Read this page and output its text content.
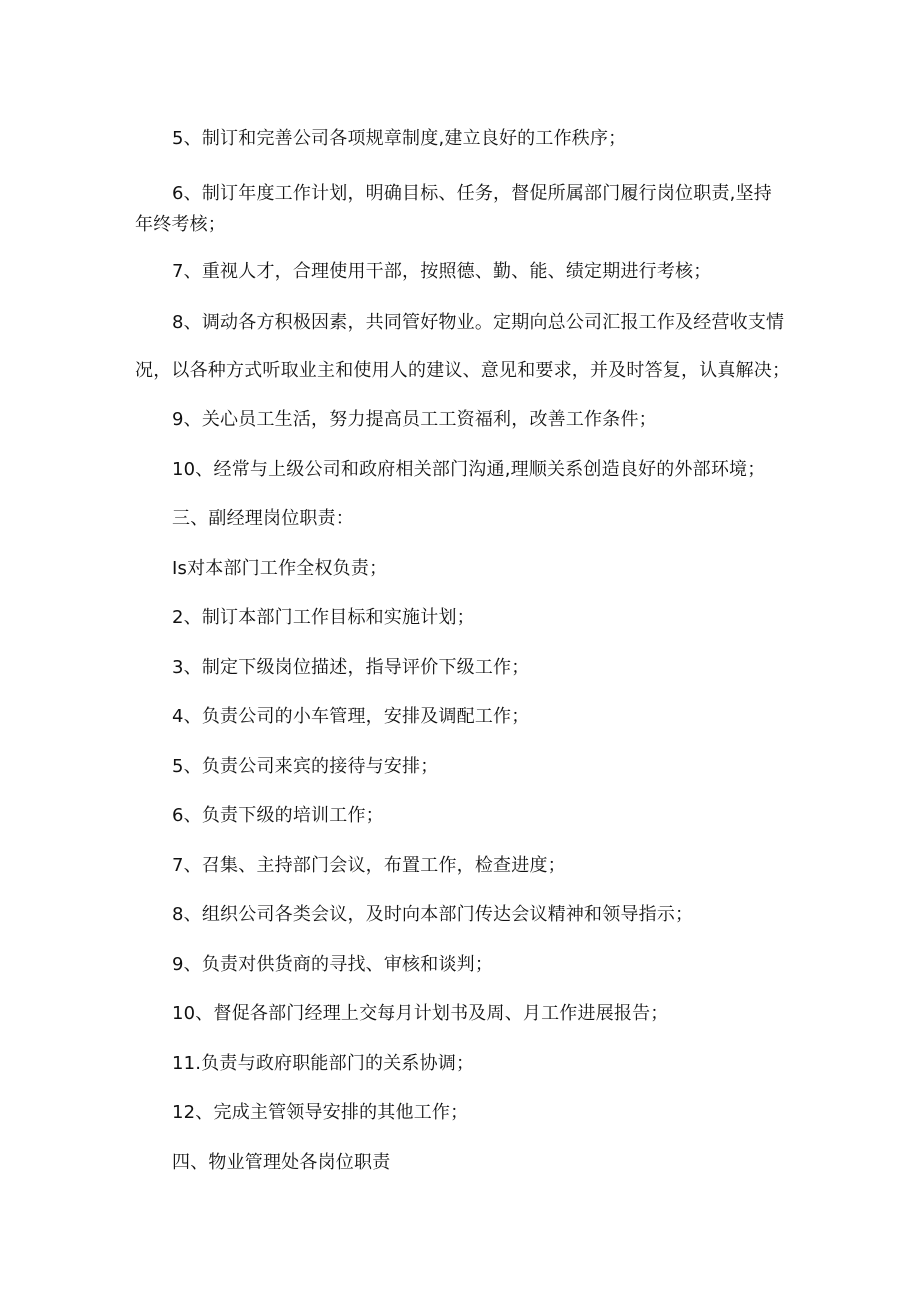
5、制订和完善公司各项规章制度,建立良好的工作秩序；

6、制订年度工作计划，明确目标、任务，督促所属部门履行岗位职责,坚持

年终考核；

7、重视人才，合理使用干部，按照德、勤、能、绩定期进行考核；

8、调动各方积极因素，共同管好物业。定期向总公司汇报工作及经营收支情

况，以各种方式听取业主和使用人的建议、意见和要求，并及时答复，认真解决；

9、关心员工生活，努力提高员工工资福利，改善工作条件；

10、经常与上级公司和政府相关部门沟通,理顺关系创造良好的外部环境；

三、副经理岗位职责：

Is对本部门工作全权负责；

2、制订本部门工作目标和实施计划；

3、制定下级岗位描述，指导评价下级工作；

4、负责公司的小车管理，安排及调配工作；

5、负责公司来宾的接待与安排；

6、负责下级的培训工作；

7、召集、主持部门会议，布置工作，检查进度；

8、组织公司各类会议，及时向本部门传达会议精神和领导指示；

9、负责对供货商的寻找、审核和谈判；

10、督促各部门经理上交每月计划书及周、月工作进展报告；

11.负责与政府职能部门的关系协调；

12、完成主管领导安排的其他工作；

四、物业管理处各岗位职责
